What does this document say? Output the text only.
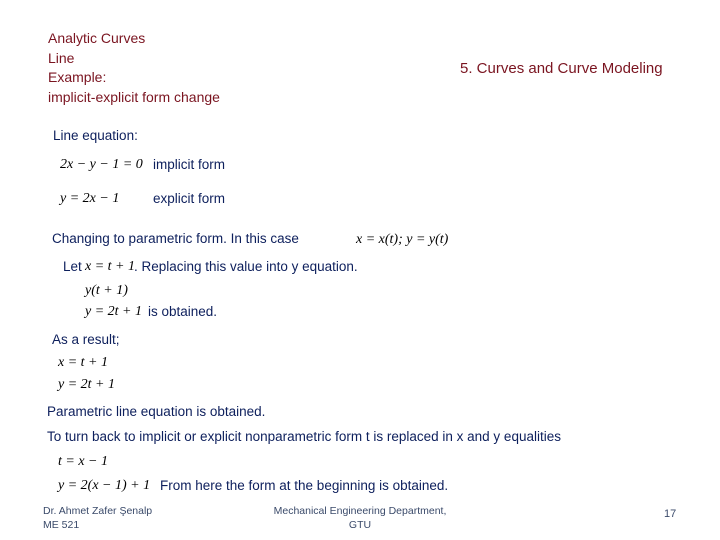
Analytic Curves
Line
Example:
implicit-explicit form change
5. Curves and Curve Modeling
Line equation:
2x − y − 1 = 0 implicit form
y = 2x − 1 explicit form
Changing to parametric form. In this case	x = x(t); y = y(t)
Let x = t + 1 . Replacing this value into y equation.
y(t + 1)
y = 2t + 1 is obtained.
As a result;
x = t + 1
y = 2t + 1
Parametric line equation is obtained.
To turn back to implicit or explicit nonparametric form t is replaced in x and y equalities
t = x − 1
y = 2(x − 1) + 1 From here the form at the beginning is obtained.
Dr. Ahmet Zafer Şenalp
ME 521
Mechanical Engineering Department,
GTU
17
